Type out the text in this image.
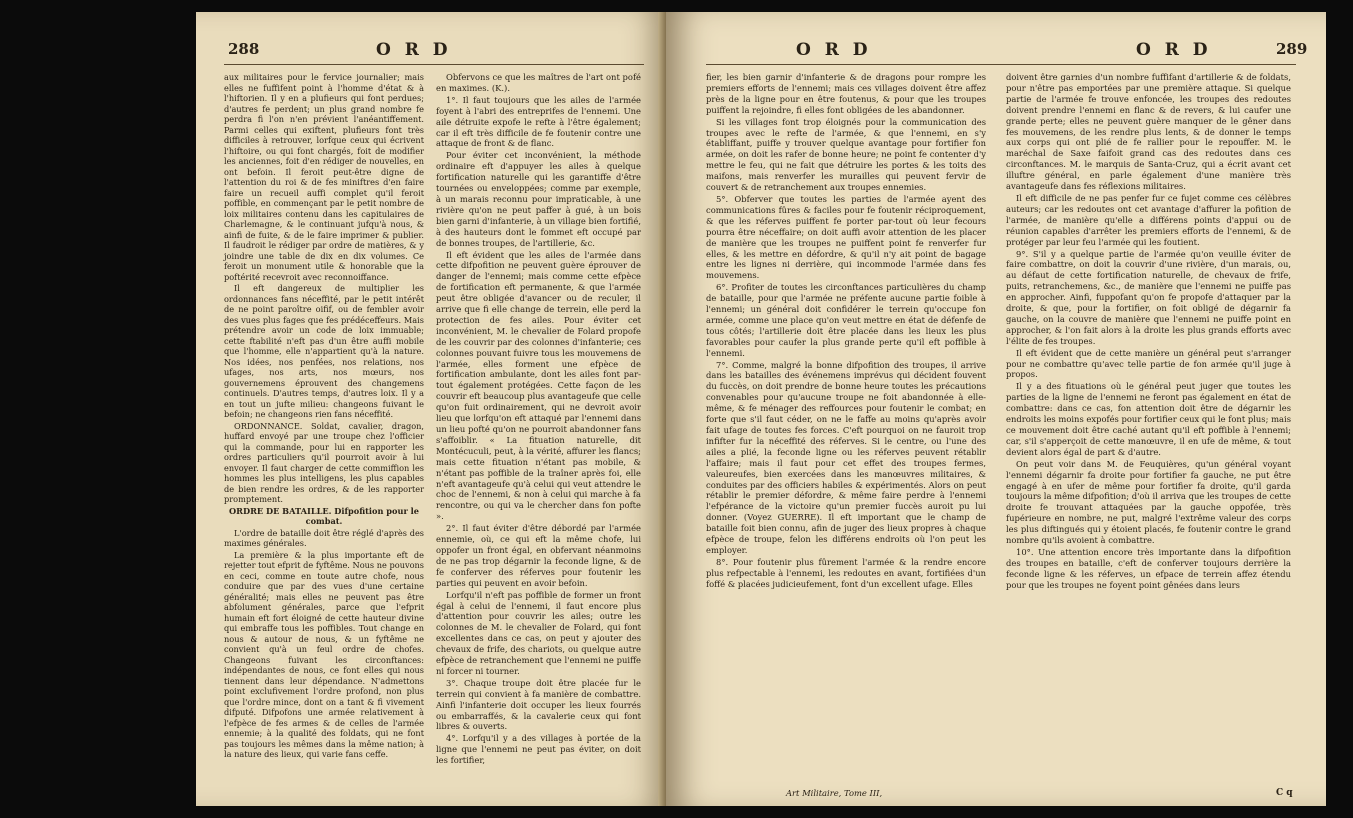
288	O R D

aux militaires pour le fervice journalier; mais elles ne fuffifent point à l'homme d'état & à l'hiftorien. Il y en a plufieurs qui font perdues; d'autres fe perdent; un plus grand nombre fe perdra fi l'on n'en prévient l'anéantiffement. Parmi celles qui exiftent, plufieurs font très difficiles à retrouver, lorfque ceux qui écrivent l'hiftoire, ou qui font chargés, foit de modifier les anciennes, foit d'en rédiger de nouvelles, en ont befoin. Il feroit peut-être digne de l'attention du roi & de fes miniftres d'en faire faire un recueil auffi complet qu'il feroit poffible, en commençant par le petit nombre de loix militaires contenu dans les capitulaires de Charlemagne, & le continuant jufqu'à nous, & ainfi de fuite, & de le faire imprimer & publier. Il faudroit le rédiger par ordre de matières, & y joindre une table de dix en dix volumes. Ce feroit un monument utile & honorable que la poftérité recevroit avec reconnoiffance.

Il eft dangereux de multiplier les ordonnances fans néceffité, par le petit intérêt de ne point paroître oifif, ou de fembler avoir des vues plus fages que fes prédéceffeurs. Mais prétendre avoir un code de loix immuable; cette ftabilité n'eft pas d'un être auffi mobile que l'homme, elle n'appartient qu'à la nature. Nos idées, nos penfées, nos relations, nos ufages, nos arts, nos mœurs, nos gouvernemens éprouvent des changemens continuels. D'autres temps, d'autres loix. Il y a en tout un jufte milieu: changeons fuivant le befoin; ne changeons rien fans néceffité.

ORDONNANCE. Soldat, cavalier, dragon, huffard envoyé par une troupe chez l'officier qui la commande, pour lui en rapporter les ordres particuliers qu'il pourroit avoir à lui envoyer. Il faut charger de cette commiffion les hommes les plus intelligens, les plus capables de bien rendre les ordres, & de les rapporter promptement.

ORDRE DE BATAILLE. Difpofition pour le combat.

L'ordre de bataille doit être réglé d'après des maximes générales.

La première & la plus importante eft de rejetter tout efprit de fyftême. Nous ne pouvons en ceci, comme en toute autre chofe, nous conduire que par des vues d'une certaine généralité; mais elles ne peuvent pas être abfolument générales, parce que l'efprit humain eft fort éloigné de cette hauteur divine qui embraffe tous les poffibles. Tout change en nous & autour de nous, & un fyftême ne convient qu'à un feul ordre de chofes. Changeons fuivant les circonftances: indépendantes de nous, ce font elles qui nous tiennent dans leur dépendance. N'admettons point exclufivement l'ordre profond, non plus que l'ordre mince, dont on a tant & fi vivement difputé. Difpofons une armée relativement à l'efpèce de fes armes & de celles de l'armée ennemie; à la qualité des foldats, qui ne font pas toujours les mêmes dans la même nation; à la nature des lieux, qui varie fans ceffe.

Obfervons ce que les maîtres de l'art ont pofé en maximes. (K.).

1°. Il faut toujours que les ailes de l'armée foyent à l'abri des entreprifes de l'ennemi. Une aile détruite expofe le refte à l'être également; car il eft très difficile de fe foutenir contre une attaque de front & de flanc.

Pour éviter cet inconvénient, la méthode ordinaire eft d'appuyer les ailes à quelque fortification naturelle qui les garantiffe d'être tournées ou enveloppées; comme par exemple, à un marais reconnu pour impraticable, à une rivière qu'on ne peut paffer à gué, à un bois bien garni d'infanterie, à un village bien fortifié, à des hauteurs dont le fommet eft occupé par de bonnes troupes, de l'artillerie, &c.

Il eft évident que les ailes de l'armée dans cette difpofition ne peuvent guère éprouver de danger de l'ennemi; mais comme cette efpèce de fortification eft permanente, & que l'armée peut être obligée d'avancer ou de reculer, il arrive que fi elle change de terrein, elle perd la protection de fes ailes. Pour éviter cet inconvénient, M. le chevalier de Folard propofe de les couvrir par des colonnes d'infanterie; ces colonnes pouvant fuivre tous les mouvemens de l'armée, elles forment une efpèce de fortification ambulante, dont les ailes font par-tout également protégées. Cette façon de les couvrir eft beaucoup plus avantageufe que celle qu'on fuit ordinairement, qui ne devroit avoir lieu que lorfqu'on eft attaqué par l'ennemi dans un lieu pofté qu'on ne pourroit abandonner fans s'affoiblir. « La fituation naturelle, dit Montécuculi, peut, à la vérité, affurer les flancs; mais cette fituation n'étant pas mobile, & n'étant pas poffible de la traîner après foi, elle n'eft avantageufe qu'à celui qui veut attendre le choc de l'ennemi, & non à celui qui marche à fa rencontre, ou qui va le chercher dans fon pofte ».

2°. Il faut éviter d'être débordé par l'armée ennemie, où, ce qui eft la même chofe, lui oppofer un front égal, en obfervant néanmoins de ne pas trop dégarnir la feconde ligne, & de fe conferver des réferves pour foutenir les parties qui peuvent en avoir befoin.

Lorfqu'il n'eft pas poffible de former un front égal à celui de l'ennemi, il faut encore plus d'attention pour couvrir les ailes; outre les colonnes de M. le chevalier de Folard, qui font excellentes dans ce cas, on peut y ajouter des chevaux de frife, des chariots, ou quelque autre efpèce de retranchement que l'ennemi ne puiffe ni forcer ni tourner.

3°. Chaque troupe doit être placée fur le terrein qui convient à fa manière de combattre. Ainfi l'infanterie doit occuper les lieux fourrés ou embarraffés, & la cavalerie ceux qui font libres & ouverts.

4°. Lorfqu'il y a des villages à portée de la ligne que l'ennemi ne peut pas éviter, on doit les fortifier,

O R D	O R D	289

fier, les bien garnir d'infanterie & de dragons pour rompre les premiers efforts de l'ennemi; mais ces villages doivent être affez près de la ligne pour en être foutenus, & pour que les troupes puiffent la rejoindre, fi elles font obligées de les abandonner.

Si les villages font trop éloignés pour la communication des troupes avec le refte de l'armée, & que l'ennemi, en s'y établiffant, puiffe y trouver quelque avantage pour fortifier fon armée, on doit les rafer de bonne heure; ne point fe contenter d'y mettre le feu, qui ne fait que détruire les portes & les toits des maifons, mais renverfer les murailles qui peuvent fervir de couvert & de retranchement aux troupes ennemies.

5°. Obferver que toutes les parties de l'armée ayent des communications fûres & faciles pour fe foutenir réciproquement, & que les réferves puiffent fe porter par-tout où leur fecours pourra être néceffaire; on doit auffi avoir attention de les placer de manière que les troupes ne puiffent point fe renverfer fur elles, & les mettre en défordre, & qu'il n'y ait point de bagage entre les lignes ni derrière, qui incommode l'armée dans fes mouvemens.

6°. Profiter de toutes les circonftances particulières du champ de bataille, pour que l'armée ne préfente aucune partie foible à l'ennemi; un général doit confidérer le terrein qu'occupe fon armée, comme une place qu'on veut mettre en état de défenfe de tous côtés; l'artillerie doit être placée dans les lieux les plus favorables pour caufer la plus grande perte qu'il eft poffible à l'ennemi.

7°. Comme, malgré la bonne difpofition des troupes, il arrive dans les batailles des événemens imprévus qui décident fouvent du fuccès, on doit prendre de bonne heure toutes les précautions convenables pour qu'aucune troupe ne foit abandonnée à elle-même, & fe ménager des reffources pour foutenir le combat; en forte que s'il faut céder, on ne le faffe au moins qu'après avoir fait ufage de toutes fes forces. C'eft pourquoi on ne fauroit trop infifter fur la néceffité des réferves. Si le centre, ou l'une des ailes a plié, la feconde ligne ou les réferves peuvent rétablir l'affaire; mais il faut pour cet effet des troupes fermes, valeureufes, bien exercées dans les manœuvres militaires, & conduites par des officiers habiles & expérimentés. Alors on peut rétablir le premier défordre, & même faire perdre à l'ennemi l'efpérance de la victoire qu'un premier fuccès auroit pu lui donner. (Voyez GUERRE). Il eft important que le champ de bataille foit bien connu, afin de juger des lieux propres à chaque efpèce de troupe, felon les différens endroits où l'on peut les employer.

8°. Pour foutenir plus fûrement l'armée & la rendre encore plus refpectable à l'ennemi, les redoutes en avant, fortifiées d'un foffé & placées judicieufement, font d'un excellent ufage. Elles

doivent être garnies d'un nombre fuffifant d'artillerie & de foldats, pour n'être pas emportées par une première attaque. Si quelque partie de l'armée fe trouve enfoncée, les troupes des redoutes doivent prendre l'ennemi en flanc & de revers, & lui caufer une grande perte; elles ne peuvent guère manquer de le gêner dans fes mouvemens, de les rendre plus lents, & de donner le temps aux corps qui ont plié de fe rallier pour le repouffer. M. le maréchal de Saxe faifoit grand cas des redoutes dans ces circonftances. M. le marquis de Santa-Cruz, qui a écrit avant cet illuftre général, en parle également d'une manière très avantageufe dans fes réflexions militaires.

Il eft difficile de ne pas penfer fur ce fujet comme ces célèbres auteurs; car les redoutes ont cet avantage d'affurer la pofition de l'armée, de manière qu'elle a différens points d'appui ou de réunion capables d'arrêter les premiers efforts de l'ennemi, & de protéger par leur feu l'armée qui les foutient.

9°. S'il y a quelque partie de l'armée qu'on veuille éviter de faire combattre, on doit la couvrir d'une rivière, d'un marais, ou, au défaut de cette fortification naturelle, de chevaux de frife, puits, retranchemens, &c., de manière que l'ennemi ne puiffe pas en approcher. Ainfi, fuppofant qu'on fe propofe d'attaquer par la droite, & que, pour la fortifier, on foit obligé de dégarnir fa gauche, on la couvre de manière que l'ennemi ne puiffe point en approcher, & l'on fait alors à la droite les plus grands efforts avec l'élite de fes troupes.

Il eft évident que de cette manière un général peut s'arranger pour ne combattre qu'avec telle partie de fon armée qu'il juge à propos.

Il y a des fituations où le général peut juger que toutes les parties de la ligne de l'ennemi ne feront pas également en état de combattre: dans ce cas, fon attention doit être de dégarnir les endroits les moins expofés pour fortifier ceux qui le font plus; mais ce mouvement doit être caché autant qu'il eft poffible à l'ennemi; car, s'il s'apperçoit de cette manœuvre, il en ufe de même, & tout devient alors égal de part & d'autre.

On peut voir dans M. de Feuquières, qu'un général voyant l'ennemi dégarnir fa droite pour fortifier fa gauche, ne put être engagé à en ufer de même pour fortifier fa droite, qu'il garda toujours la même difpofition; d'où il arriva que les troupes de cette droite fe trouvant attaquées par la gauche oppofée, très fupérieure en nombre, ne put, malgré l'extrême valeur des corps les plus diftingués qui y étoient placés, fe foutenir contre le grand nombre qu'ils avoient à combattre.

10°. Une attention encore très importante dans la difpofition des troupes en bataille, c'eft de conferver toujours derrière la feconde ligne & les réferves, un efpace de terrein affez étendu pour que les troupes ne foyent point gênées dans leurs

Art Militaire, Tome III,	C q
